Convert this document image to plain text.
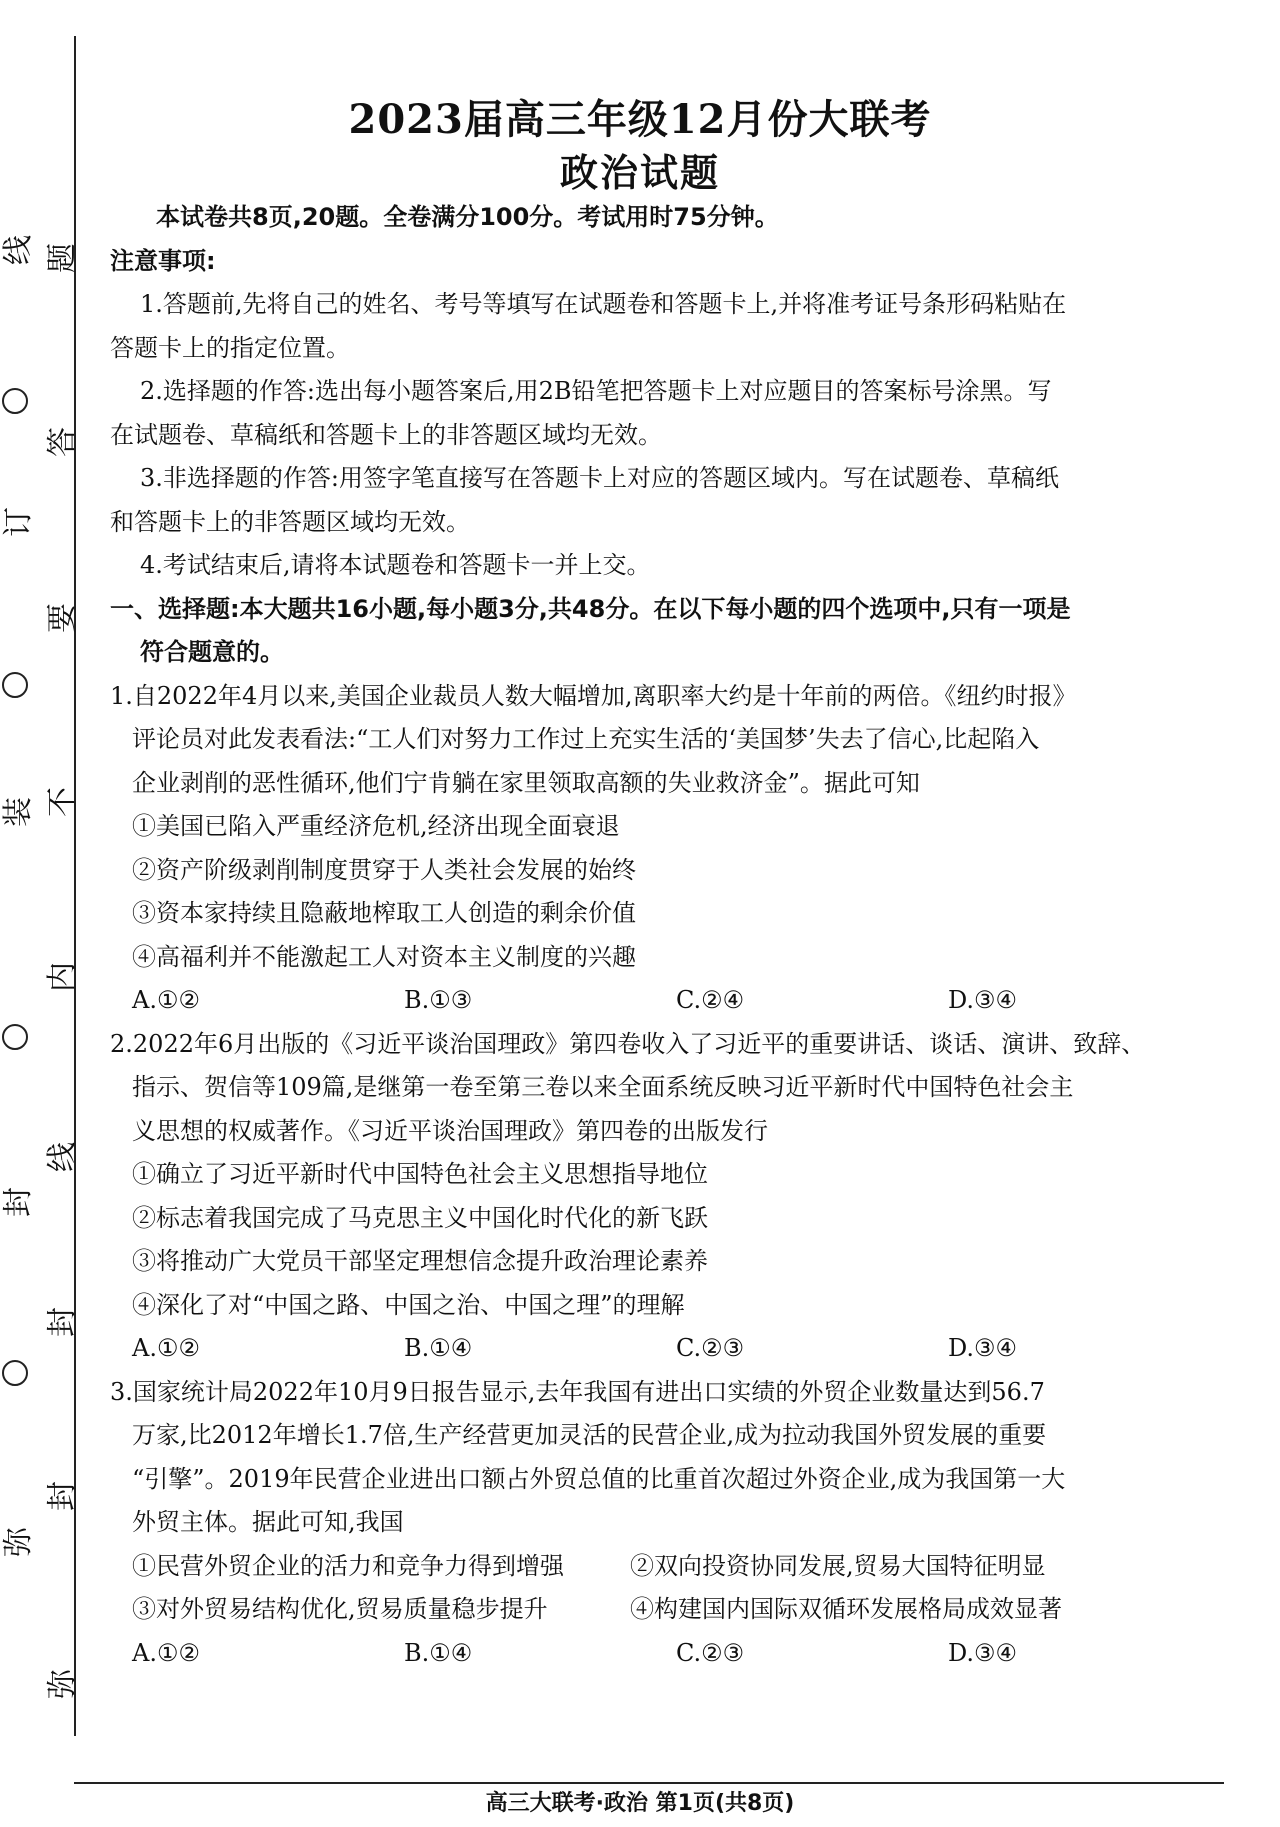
线
订
装
封
弥
题
答
要
不
内
线
封
封
弥
2023届高三年级12月份大联考
政治试题
本试卷共8页,20题。全卷满分100分。考试用时75分钟。
注意事项:
1.答题前,先将自己的姓名、考号等填写在试题卷和答题卡上,并将准考证号条形码粘贴在
答题卡上的指定位置。
2.选择题的作答:选出每小题答案后,用2B铅笔把答题卡上对应题目的答案标号涂黑。写
在试题卷、草稿纸和答题卡上的非答题区域均无效。
3.非选择题的作答:用签字笔直接写在答题卡上对应的答题区域内。写在试题卷、草稿纸
和答题卡上的非答题区域均无效。
4.考试结束后,请将本试题卷和答题卡一并上交。
一、选择题:本大题共16小题,每小题3分,共48分。在以下每小题的四个选项中,只有一项是
符合题意的。
1.自2022年4月以来,美国企业裁员人数大幅增加,离职率大约是十年前的两倍。《纽约时报》
评论员对此发表看法:“工人们对努力工作过上充实生活的‘美国梦’失去了信心,比起陷入
企业剥削的恶性循环,他们宁肯躺在家里领取高额的失业救济金”。据此可知
①美国已陷入严重经济危机,经济出现全面衰退
②资产阶级剥削制度贯穿于人类社会发展的始终
③资本家持续且隐蔽地榨取工人创造的剩余价值
④高福利并不能激起工人对资本主义制度的兴趣
A.①②	B.①③	C.②④	D.③④
2.2022年6月出版的《习近平谈治国理政》第四卷收入了习近平的重要讲话、谈话、演讲、致辞、
指示、贺信等109篇,是继第一卷至第三卷以来全面系统反映习近平新时代中国特色社会主
义思想的权威著作。《习近平谈治国理政》第四卷的出版发行
①确立了习近平新时代中国特色社会主义思想指导地位
②标志着我国完成了马克思主义中国化时代化的新飞跃
③将推动广大党员干部坚定理想信念提升政治理论素养
④深化了对“中国之路、中国之治、中国之理”的理解
A.①②	B.①④	C.②③	D.③④
3.国家统计局2022年10月9日报告显示,去年我国有进出口实绩的外贸企业数量达到56.7
万家,比2012年增长1.7倍,生产经营更加灵活的民营企业,成为拉动我国外贸发展的重要
“引擎”。2019年民营企业进出口额占外贸总值的比重首次超过外资企业,成为我国第一大
外贸主体。据此可知,我国
①民营外贸企业的活力和竞争力得到增强	②双向投资协同发展,贸易大国特征明显
③对外贸易结构优化,贸易质量稳步提升	④构建国内国际双循环发展格局成效显著
A.①②	B.①④	C.②③	D.③④
高三大联考·政治 第1页(共8页)
